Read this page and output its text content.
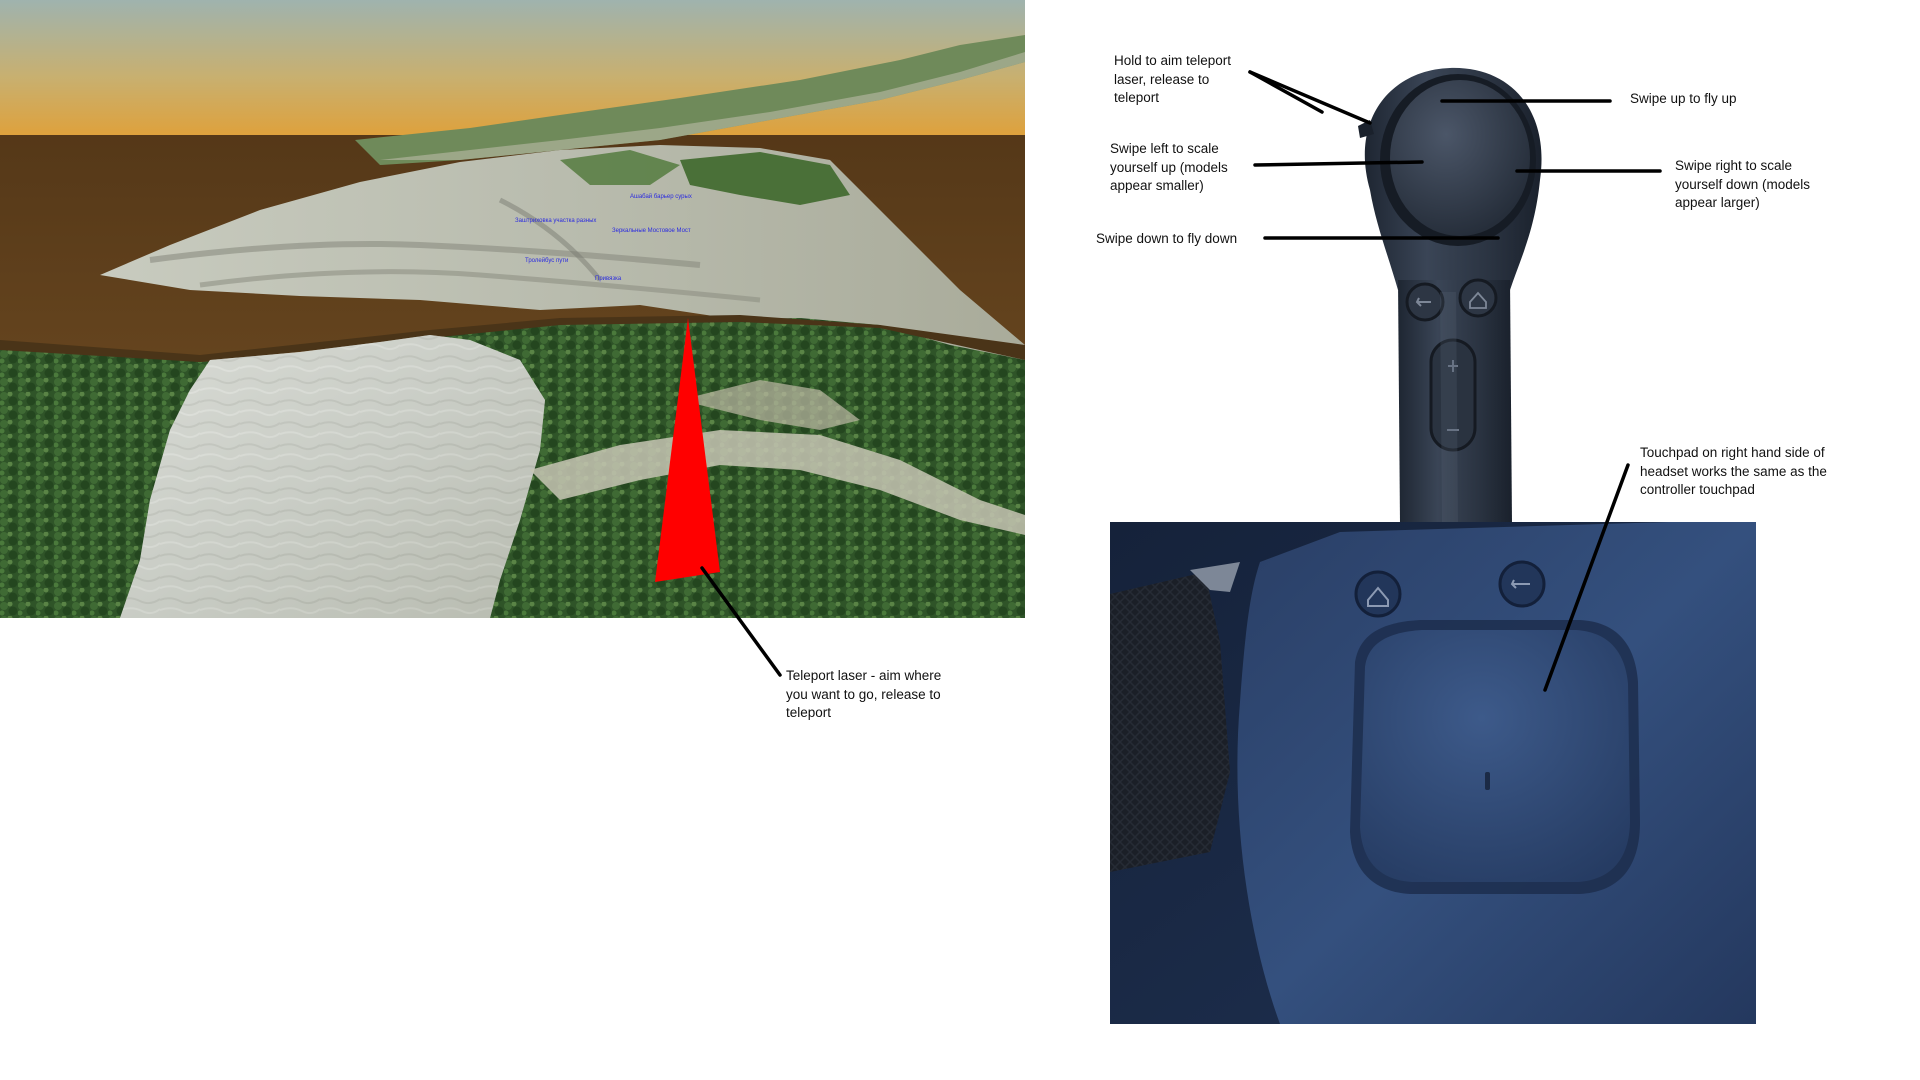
Ашабай барьер сурых
Заштриховка участка разных
Зеркальные Мостовое Мост
Тролейбус пути
Привязка
Teleport laser - aim where you want to go, release to teleport
Hold to aim teleport laser, release to teleport	Swipe up to fly up
Swipe left to scale yourself up (models appear smaller)
Swipe right to scale yourself down (models appear larger)
Swipe down to fly down
Touchpad on right hand side of headset works the same as the controller touchpad
